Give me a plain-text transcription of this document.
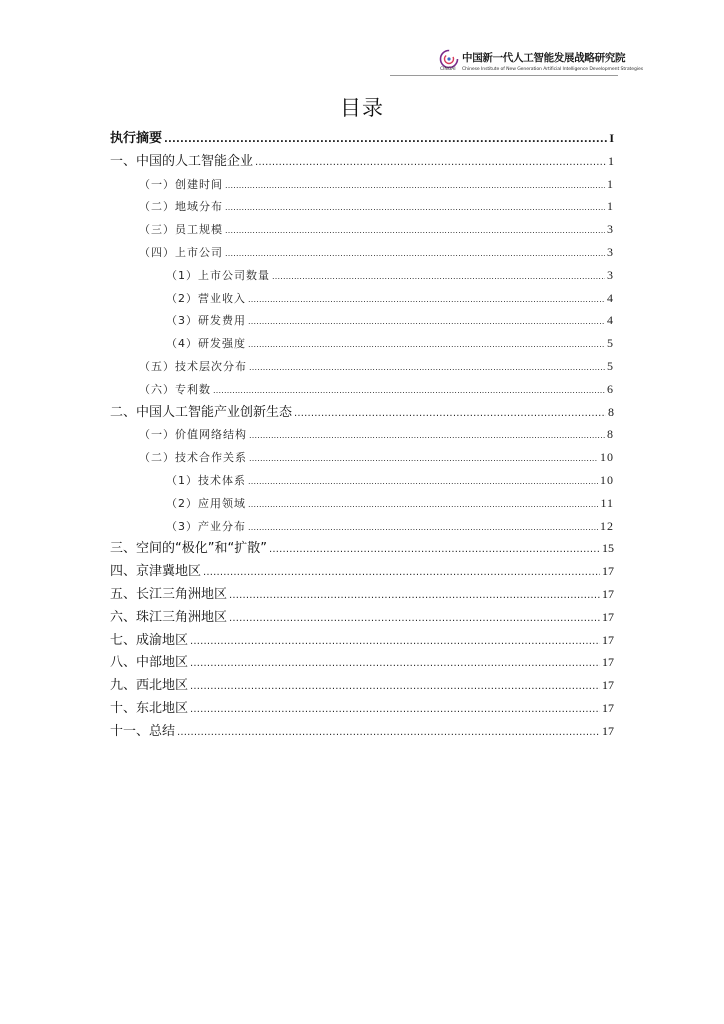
中国新一代人工智能发展战略研究院
CINGAI Chinese Institute of New Generation Artificial Intelligence Development Strategies
目录
执行摘要 .....	I
一、中国的人工智能企业 .....	1
（一）创建时间 .....	1
（二）地域分布 .....	1
（三）员工规模 .....	3
（四）上市公司 .....	3
（1）上市公司数量 .....	3
（2）营业收入 .....	4
（3）研发费用 .....	4
（4）研发强度 .....	5
（五）技术层次分布 .....	5
（六）专利数 .....	6
二、中国人工智能产业创新生态 .....	8
（一）价值网络结构 .....	8
（二）技术合作关系 .....	10
（1）技术体系 .....	10
（2）应用领域 .....	11
（3）产业分布 .....	12
三、空间的“极化”和“扩散” .....	15
四、京津冀地区 .....	17
五、长江三角洲地区 .....	17
六、珠江三角洲地区 .....	17
七、成渝地区 .....	17
八、中部地区 .....	17
九、西北地区 .....	17
十、东北地区 .....	17
十一、总结 .....	17
